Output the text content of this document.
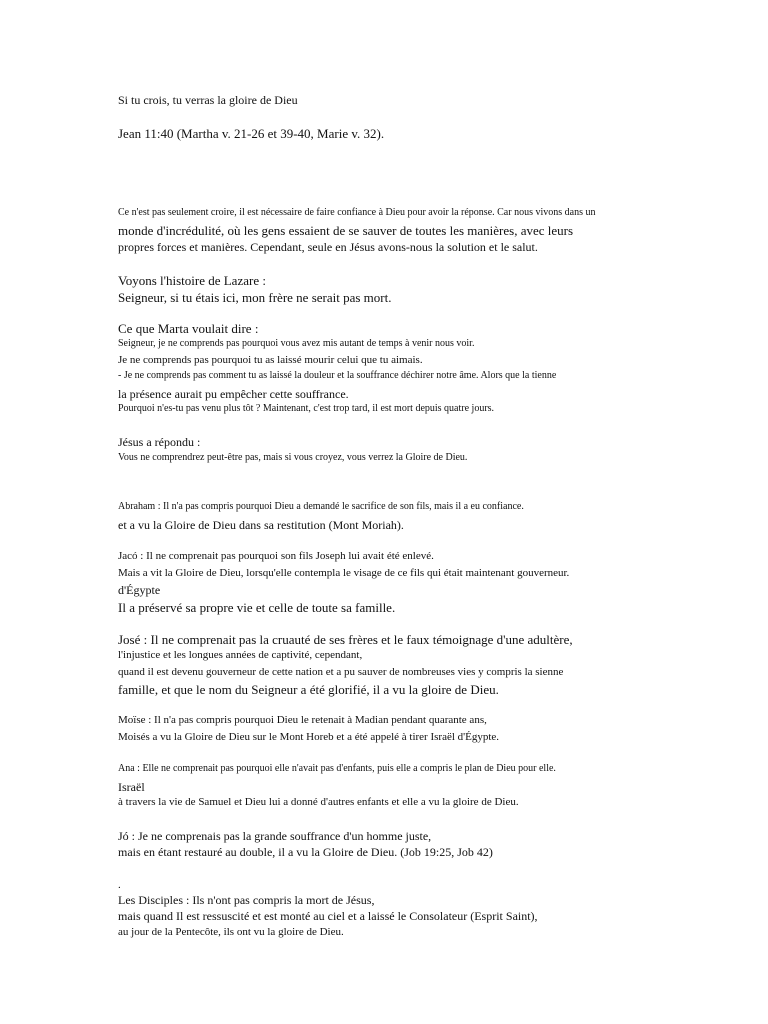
Si tu crois, tu verras la gloire de Dieu

Jean 11:40 (Martha v. 21-26 et 39-40, Marie v. 32).

Ce n'est pas seulement croire, il est nécessaire de faire confiance à Dieu pour avoir la réponse. Car nous vivons dans un

monde d'incrédulité, où les gens essaient de se sauver de toutes les manières, avec leurs

propres forces et manières. Cependant, seule en Jésus avons-nous la solution et le salut.

Voyons l'histoire de Lazare :

Seigneur, si tu étais ici, mon frère ne serait pas mort.

Ce que Marta voulait dire :

Seigneur, je ne comprends pas pourquoi vous avez mis autant de temps à venir nous voir.

Je ne comprends pas pourquoi tu as laissé mourir celui que tu aimais.

- Je ne comprends pas comment tu as laissé la douleur et la souffrance déchirer notre âme. Alors que la tienne

la présence aurait pu empêcher cette souffrance.

Pourquoi n'es-tu pas venu plus tôt ? Maintenant, c'est trop tard, il est mort depuis quatre jours.

Jésus a répondu :

Vous ne comprendrez peut-être pas, mais si vous croyez, vous verrez la Gloire de Dieu.

Abraham : Il n'a pas compris pourquoi Dieu a demandé le sacrifice de son fils, mais il a eu confiance.

et a vu la Gloire de Dieu dans sa restitution (Mont Moriah).

Jacó : Il ne comprenait pas pourquoi son fils Joseph lui avait été enlevé.

Mais a vit la Gloire de Dieu, lorsqu'elle contempla le visage de ce fils qui était maintenant gouverneur.

d'Égypte

Il a préservé sa propre vie et celle de toute sa famille.

José : Il ne comprenait pas la cruauté de ses frères et le faux témoignage d'une adultère,

l'injustice et les longues années de captivité, cependant,

quand il est devenu gouverneur de cette nation et a pu sauver de nombreuses vies y compris la sienne

famille, et que le nom du Seigneur a été glorifié, il a vu la gloire de Dieu.

Moïse : Il n'a pas compris pourquoi Dieu le retenait à Madian pendant quarante ans,

Moisés a vu la Gloire de Dieu sur le Mont Horeb et a été appelé à tirer Israël d'Égypte.

Ana : Elle ne comprenait pas pourquoi elle n'avait pas d'enfants, puis elle a compris le plan de Dieu pour elle.

Israël

à travers la vie de Samuel et Dieu lui a donné d'autres enfants et elle a vu la gloire de Dieu.

Jó : Je ne comprenais pas la grande souffrance d'un homme juste,

mais en étant restauré au double, il a vu la Gloire de Dieu. (Job 19:25, Job 42)

.

Les Disciples : Ils n'ont pas compris la mort de Jésus,

mais quand Il est ressuscité et est monté au ciel et a laissé le Consolateur (Esprit Saint),

au jour de la Pentecôte, ils ont vu la gloire de Dieu.
